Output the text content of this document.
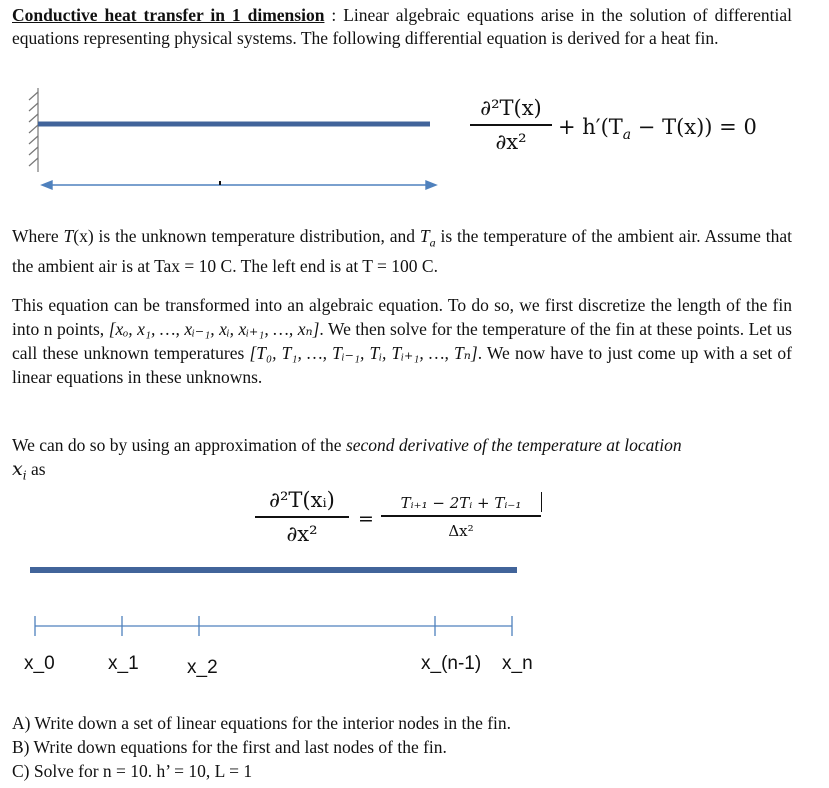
Conductive heat transfer in 1 dimension : Linear algebraic equations arise in the solution of differential equations representing physical systems. The following differential equation is derived for a heat fin.

∂²T(x)
∂x²
+ $h'(T_a - T(x)) = 0$

Where T(x) is the unknown temperature distribution, and $T_a$ is the temperature of the ambient air. Assume that the ambient air is at Tax = 10 C. The left end is at T = 100 C.

This equation can be transformed into an algebraic equation. To do so, we first discretize the length of the fin into n points, [xₒ, x₁, …, xᵢ₋₁, xᵢ, xᵢ₊₁, …, xₙ]. We then solve for the temperature of the fin at these points. Let us call these unknown temperatures [T₀, T₁, …, Tᵢ₋₁, Tᵢ, Tᵢ₊₁, …, Tₙ]. We now have to just come up with a set of linear equations in these unknowns.

We can do so by using an approximation of the second derivative of the temperature at location
$x_i$ as

∂²T(xᵢ)
∂x²
=
Tᵢ₊₁ − 2Tᵢ + Tᵢ₋₁
Δx²
x_0	x_1	x_2	x_(n-1) x_n

A) Write down a set of linear equations for the interior nodes in the fin.

B) Write down equations for the first and last nodes of the fin.

C) Solve for n = 10. h’ = 10, L = 1
